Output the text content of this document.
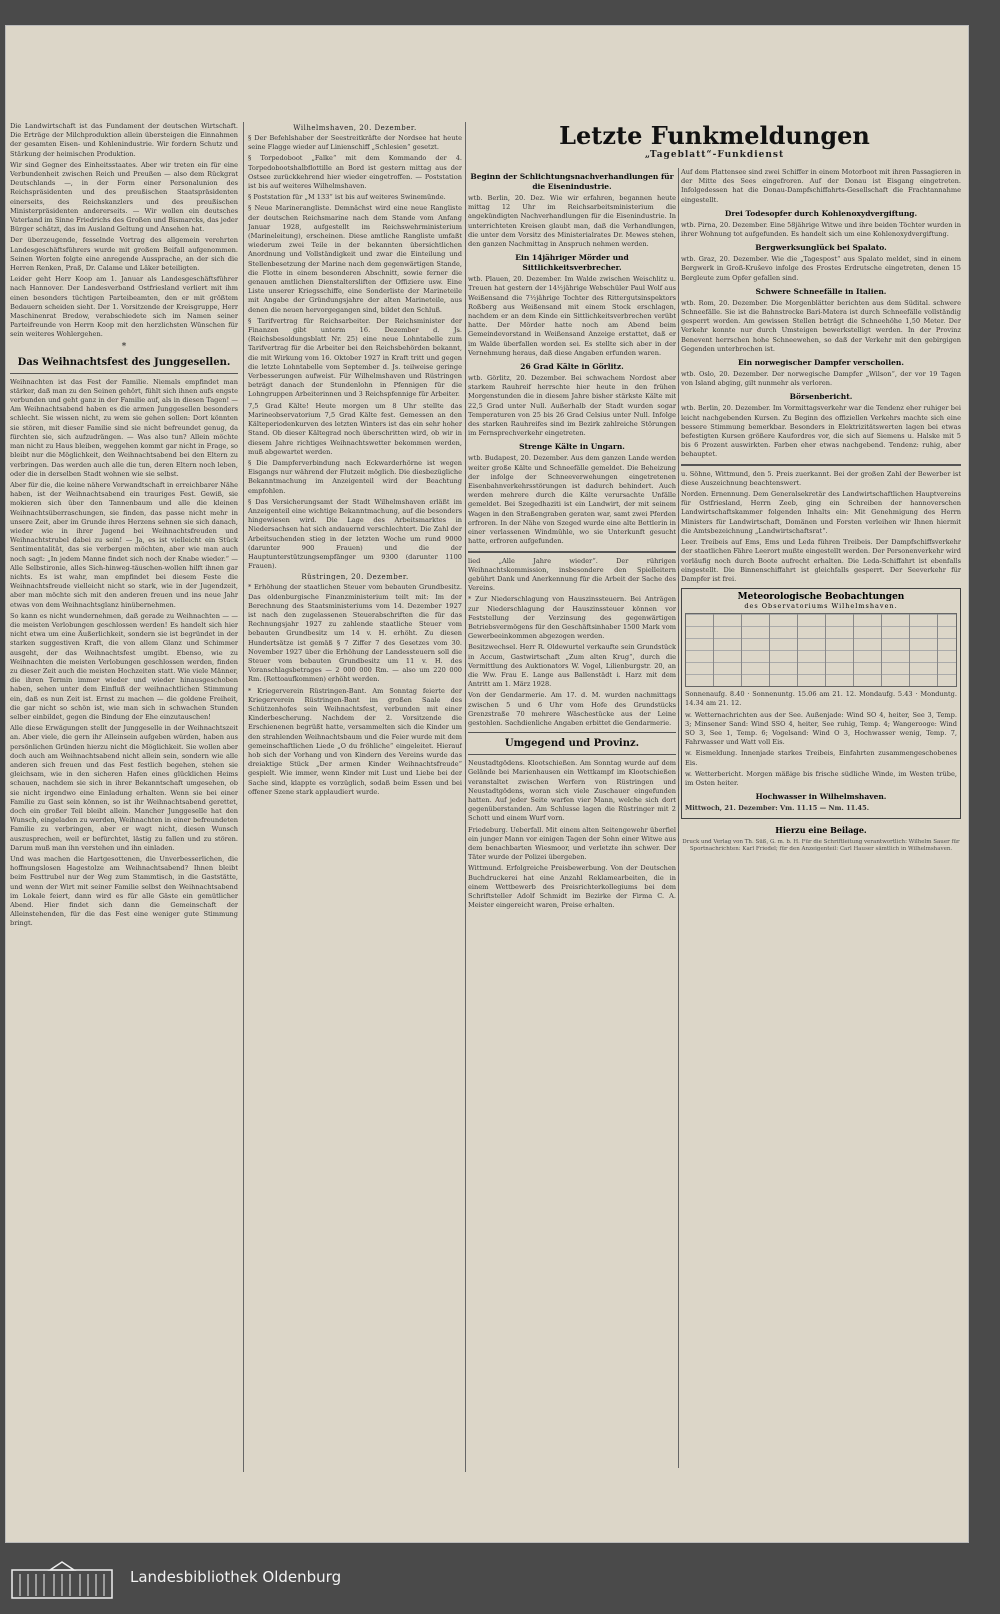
Die Landwirtschaft ist das Fundament der deutschen Wirtschaft. Die Erträge der Milchproduktion allein übersteigen die Einnahmen der gesamten Eisen- und Kohlenindustrie. Wir fordern Schutz und Stärkung der heimischen Produktion.

Wir sind Gegner des Einheitsstaates. Aber wir treten ein für eine Verbundenheit zwischen Reich und Preußen — also dem Rückgrat Deutschlands —, in der Form einer Personalunion des Reichspräsidenten und des preußischen Staatspräsidenten einerseits, des Reichskanzlers und des preußischen Ministerpräsidenten andererseits. — Wir wollen ein deutsches Vaterland im Sinne Friedrichs des Großen und Bismarcks, das jeder Bürger schätzt, das im Ausland Geltung und Ansehen hat.

Der überzeugende, fesselnde Vortrag des allgemein verehrten Landesgeschäftsführers wurde mit großem Beifall aufgenommen. Seinen Worten folgte eine anregende Aussprache, an der sich die Herren Renken, Praß, Dr. Calame und Läker beteiligten.

Leider geht Herr Koop am 1. Januar als Landesgeschäftsführer nach Hannover. Der Landesverband Ostfriesland verliert mit ihm einen besonders tüchtigen Parteibeamten, den er mit größtem Bedauern scheiden sieht. Der 1. Vorsitzende der Kreisgruppe, Herr Maschinenrat Bredow, verabschiedete sich im Namen seiner Parteifreunde von Herrn Koop mit den herzlichsten Wünschen für sein weiteres Wohlergehen.

*
Das Weihnachtsfest des Junggesellen.

Weihnachten ist das Fest der Familie. Niemals empfindet man stärker, daß man zu den Seinen gehört, fühlt sich ihnen aufs engste verbunden und geht ganz in der Familie auf, als in diesen Tagen! — Am Weihnachtsabend haben es die armen Junggesellen besonders schlecht. Sie wissen nicht, zu wem sie gehen sollen: Dort könnten sie stören, mit dieser Familie sind sie nicht befreundet genug, da fürchten sie, sich aufzudrängen. — Was also tun? Allein möchte man nicht zu Haus bleiben, weggehen kommt gar nicht in Frage, so bleibt nur die Möglichkeit, den Weihnachtsabend bei den Eltern zu verbringen. Das werden auch alle die tun, deren Eltern noch leben, oder die in derselben Stadt wohnen wie sie selbst.

Aber für die, die keine nähere Verwandtschaft in erreichbarer Nähe haben, ist der Weihnachtsabend ein trauriges Fest. Gewiß, sie mokieren sich über den Tannenbaum und alle die kleinen Weihnachtsüberraschungen, sie finden, das passe nicht mehr in unsere Zeit, aber im Grunde ihres Herzens sehnen sie sich danach, wieder wie in ihrer Jugend bei Weihnachtsfreuden und Weihnachtstrubel dabei zu sein! — Ja, es ist vielleicht ein Stück Sentimentalität, das sie verbergen möchten, aber wie man auch noch sagt: „In jedem Manne findet sich noch der Knabe wieder.“ — Alle Selbstironie, alles Sich-hinweg-täuschen-wollen hilft ihnen gar nichts. Es ist wahr, man empfindet bei diesem Feste die Weihnachtsfreude vielleicht nicht so stark, wie in der Jugendzeit, aber man möchte sich mit den anderen freuen und ins neue Jahr etwas von dem Weihnachtsglanz hinübernehmen.

So kann es nicht wundernehmen, daß gerade zu Weihnachten — — die meisten Verlobungen geschlossen werden! Es handelt sich hier nicht etwa um eine Äußerlichkeit, sondern sie ist begründet in der starken suggestiven Kraft, die von allem Glanz und Schimmer ausgeht, der das Weihnachtsfest umgibt. Ebenso, wie zu Weihnachten die meisten Verlobungen geschlossen werden, finden zu dieser Zeit auch die meisten Hochzeiten statt. Wie viele Männer, die ihren Termin immer wieder und wieder hinausgeschoben haben, sehen unter dem Einfluß der weihnachtlichen Stimmung ein, daß es nun Zeit ist. Ernst zu machen — die goldene Freiheit, die gar nicht so schön ist, wie man sich in schwachen Stunden selber einbildet, gegen die Bindung der Ehe einzutauschen!

Alle diese Erwägungen stellt der Junggeselle in der Weihnachtszeit an. Aber viele, die gern ihr Alleinsein aufgeben würden, haben aus persönlichen Gründen hierzu nicht die Möglichkeit. Sie wollen aber doch auch am Weihnachtsabend nicht allein sein, sondern wie alle anderen sich freuen und das Fest festlich begehen, stehen sie gleichsam, wie in den sicheren Hafen eines glücklichen Heims schauen, nachdem sie sich in ihrer Bekanntschaft umgesehen, ob sie nicht irgendwo eine Einladung erhalten. Wenn sie bei einer Familie zu Gast sein können, so ist ihr Weihnachtsabend gerettet, doch ein großer Teil bleibt allein. Mancher Junggeselle hat den Wunsch, eingeladen zu werden, Weihnachten in einer befreundeten Familie zu verbringen, aber er wagt nicht, diesen Wunsch auszusprechen, weil er befürchtet, lästig zu fallen und zu stören. Darum muß man ihn verstehen und ihn einladen.

Und was machen die Hartgesottenen, die Unverbesserlichen, die hoffnungslosen Hagestolze am Weihnachtsabend? Ihnen bleibt beim Festtrubel nur der Weg zum Stammtisch, in die Gaststätte, und wenn der Wirt mit seiner Familie selbst den Weihnachtsabend im Lokale feiert, dann wird es für alle Gäste ein gemütlicher Abend. Hier findet sich dann die Gemeinschaft der Alleinstehenden, für die das Fest eine weniger gute Stimmung bringt.

Wilhelmshaven, 20. Dezember.

§ Der Befehlshaber der Seestreitkräfte der Nordsee hat heute seine Flagge wieder auf Linienschiff „Schlesien“ gesetzt.

§ Torpedoboot „Falke“ mit dem Kommando der 4. Torpedobootshalbflottille an Bord ist gestern mittag aus der Ostsee zurückkehrend hier wieder eingetroffen. — Poststation ist bis auf weiteres Wilhelmshaven.

§ Poststation für „M 133“ ist bis auf weiteres Swinemünde.

§ Neue Marinerangliste. Demnächst wird eine neue Rangliste der deutschen Reichsmarine nach dem Stande vom Anfang Januar 1928, aufgestellt im Reichswehrministerium (Marineleitung), erscheinen. Diese amtliche Rangliste umfaßt wiederum zwei Teile in der bekannten übersichtlichen Anordnung und Vollständigkeit und zwar die Einteilung und Stellenbesetzung der Marine nach dem gegenwärtigen Stande, die Flotte in einem besonderen Abschnitt, sowie ferner die genauen amtlichen Dienstaltersliften der Offiziere usw. Eine Liste unserer Kriegsschiffe, eine Sonderliste der Marineteile mit Angabe der Gründungsjahre der alten Marineteile, aus denen die neuen hervorgegangen sind, bildet den Schluß.

§ Tarifvertrag für Reichsarbeiter. Der Reichsminister der Finanzen gibt unterm 16. Dezember d. Js. (Reichsbesoldungsblatt Nr. 25) eine neue Lohntabelle zum Tarifvertrag für die Arbeiter bei den Reichsbehörden bekannt, die mit Wirkung vom 16. Oktober 1927 in Kraft tritt und gegen die letzte Lohntabelle vom September d. Js. teilweise geringe Verbesserungen aufweist. Für Wilhelmshaven und Rüstringen beträgt danach der Stundenlohn in Pfennigen für die Lohngruppen Arbeiterinnen und 3 Reichspfennige für Arbeiter.

7,5 Grad Kälte! Heute morgen um 8 Uhr stellte das Marineobservatorium 7,5 Grad Kälte fest. Gemessen an den Kälteperiodenkurven des letzten Winters ist das ein sehr hoher Stand. Ob dieser Kältegrad noch überschritten wird, ob wir in diesem Jahre richtiges Weihnachtswetter bekommen werden, muß abgewartet werden.

§ Die Dampferverbindung nach Eckwarderhörne ist wegen Eisgangs nur während der Flutzeit möglich. Die diesbezügliche Bekanntmachung im Anzeigenteil wird der Beachtung empfohlen.

§ Das Versicherungsamt der Stadt Wilhelmshaven erläßt im Anzeigenteil eine wichtige Bekanntmachung, auf die besonders hingewiesen wird. Die Lage des Arbeitsmarktes in Niedersachsen hat sich andauernd verschlechtert. Die Zahl der Arbeitsuchenden stieg in der letzten Woche um rund 9000 (darunter 900 Frauen) und die der Hauptunterstützungsempfänger um 9300 (darunter 1100 Frauen).

Rüstringen, 20. Dezember.

* Erhöhung der staatlichen Steuer vom bebauten Grundbesitz. Das oldenburgische Finanzministerium teilt mit: Im der Berechnung des Staatsministeriums vom 14. Dezember 1927 ist nach den zugelassenen Steuerabschriften die für das Rechnungsjahr 1927 zu zahlende staatliche Steuer vom bebauten Grundbesitz um 14 v. H. erhöht. Zu diesen Hundertsätze ist gemäß § 7 Ziffer 7 des Gesetzes vom 30. November 1927 über die Erhöhung der Landessteuern soll die Steuer vom bebauten Grundbesitz um 11 v. H. des Voranschlagsbetrages — 2 000 000 Rm. — also um 220 000 Rm. (Rettoaufkommen) erhöht werden.

* Kriegerverein Rüstringen-Bant. Am Sonntag feierte der Kriegerverein Rüstringen-Bant im großen Saale des Schützenhofes sein Weihnachtsfest, verbunden mit einer Kinderbescherung. Nachdem der 2. Vorsitzende die Erschienenen begrüßt hatte, versammelten sich die Kinder um den strahlenden Weihnachtsbaum und die Feier wurde mit dem gemeinschaftlichen Liede „O du fröhliche“ eingeleitet. Hierauf hob sich der Vorhang und von Kindern des Vereins wurde das dreiaktige Stück „Der armen Kinder Weihnachtsfreude“ gespielt. Wie immer, wenn Kinder mit Lust und Liebe bei der Sache sind, klappte es vorzüglich, sodaß beim Essen und bei offener Szene stark applaudiert wurde.

Letzte Funkmeldungen
„Tageblatt“-Funkdienst
Beginn der Schlichtungsnachverhandlungen für die Eisenindustrie.

wtb. Berlin, 20. Dez. Wie wir erfahren, begannen heute mittag 12 Uhr im Reichsarbeitsministerium die angekündigten Nachverhandlungen für die Eisenindustrie. In unterrichteten Kreisen glaubt man, daß die Verhandlungen, die unter dem Vorsitz des Ministerialrates Dr. Mewes stehen, den ganzen Nachmittag in Anspruch nehmen werden.

Ein 14jähriger Mörder und Sittlichkeitsverbrecher.

wtb. Plauen, 20. Dezember. Im Walde zwischen Weischlitz u. Treuen hat gestern der 14½jährige Webschüler Paul Wolf aus Weißensand die 7½jährige Tochter des Rittergutsinspektors Roßberg aus Weißensand mit einem Stock erschlagen, nachdem er an dem Kinde ein Sittlichkeitsverbrechen verübt hatte. Der Mörder hatte noch am Abend beim Gemeindevorstand in Weißensand Anzeige erstattet, daß er im Walde überfallen worden sei. Es stellte sich aber in der Vernehmung heraus, daß diese Angaben erfunden waren.

26 Grad Kälte in Görlitz.

wtb. Görlitz, 20. Dezember. Bei schwachem Nordost aber starkem Rauhreif herrschte hier heute in den frühen Morgenstunden die in diesem Jahre bisher stärkste Kälte mit 22,5 Grad unter Null. Außerhalb der Stadt wurden sogar Temperaturen von 25 bis 26 Grad Celsius unter Null. Infolge des starken Rauhreifes sind im Bezirk zahlreiche Störungen im Fernsprechverkehr eingetreten.

Strenge Kälte in Ungarn.

wtb. Budapest, 20. Dezember. Aus dem ganzen Lande werden weiter große Kälte und Schneefälle gemeldet. Die Beheizung der infolge der Schneeverwehungen eingetretenen Eisenbahnverkehrsstörungen ist dadurch behindert. Auch werden mehrere durch die Kälte verursachte Unfälle gemeldet. Bei Szegedhaziti ist ein Landwirt, der mit seinem Wagen in den Straßengraben geraten war, samt zwei Pferden erfroren. In der Nähe von Szeged wurde eine alte Bettlerin in einer verlassenen Windmühle, wo sie Unterkunft gesucht hatte, erfroren aufgefunden.

lied „Alle Jahre wieder“. Der rührigen Weihnachtskommission, insbesondere den Spielleitern gebührt Dank und Anerkennung für die Arbeit der Sache des Vereins.

* Zur Niederschlagung von Hauszinssteuern. Bei Anträgen zur Niederschlagung der Hauszinssteuer können vor Feststellung der Verzinsung des gegenwärtigen Betriebsvermögens für den Geschäftsinhaber 1500 Mark vom Gewerbeeinkommen abgezogen werden.

Besitzwechsel. Herr R. Oldewurtel verkaufte sein Grundstück in Accum, Gastwirtschaft „Zum alten Krug“, durch die Vermittlung des Auktionators W. Vogel, Lilienburgstr. 20, an die Ww. Frau E. Lange aus Ballenstädt i. Harz mit dem Antritt am 1. März 1928.

Von der Gendarmerie. Am 17. d. M. wurden nachmittags zwischen 5 und 6 Uhr vom Hofe des Grundstücks Grenzstraße 70 mehrere Wäschestücke aus der Leine gestohlen. Sachdienliche Angaben erbittet die Gendarmerie.

Umgegend und Provinz.

Neustadtgödens. Klootschießen. Am Sonntag wurde auf dem Gelände bei Marienhausen ein Wettkampf im Klootschießen veranstaltet zwischen Werfern von Rüstringen und Neustadtgödens, woran sich viele Zuschauer eingefunden hatten. Auf jeder Seite warfen vier Mann, welche sich dort gegenüberstanden. Am Schlusse lagen die Rüstringer mit 2 Schott und einem Wurf vorn.

Friedeburg. Ueberfall. Mit einem alten Seitengewehr überfiel ein junger Mann vor einigen Tagen der Sohn einer Witwe aus dem benachbarten Wiesmoor, und verletzte ihn schwer. Der Täter wurde der Polizei übergeben.

Wittmund. Erfolgreiche Preisbewerbung. Von der Deutschen Buchdruckerei hat eine Anzahl Reklamearbeiten, die in einem Wettbewerb des Preisrichterkollegiums bei dem Schriftsteller Adolf Schmidt im Bezirke der Firma C. A. Meister eingereicht waren, Preise erhalten.

Auf dem Plattensee sind zwei Schiffer in einem Motorboot mit ihren Passagieren in der Mitte des Sees eingefroren. Auf der Donau ist Eisgang eingetreten. Infolgedessen hat die Donau-Dampfschiffahrts-Gesellschaft die Frachtannahme eingestellt.

Drei Todesopfer durch Kohlenoxydvergiftung.

wtb. Pirna, 20. Dezember. Eine 58jährige Witwe und ihre beiden Töchter wurden in ihrer Wohnung tot aufgefunden. Es handelt sich um eine Kohlenoxydvergiftung.

Bergwerksunglück bei Spalato.

wtb. Graz, 20. Dezember. Wie die „Tagespost“ aus Spalato meldet, sind in einem Bergwerk in Groß-Kruševo infolge des Frostes Erdrutsche eingetreten, denen 15 Bergleute zum Opfer gefallen sind.

Schwere Schneefälle in Italien.

wtb. Rom, 20. Dezember. Die Morgenblätter berichten aus dem Südital. schwere Schneefälle. Sie ist die Bahnstrecke Bari-Matera ist durch Schneefälle vollständig gesperrt worden. Am gewissen Stellen beträgt die Schneehöhe 1,50 Meter. Der Verkehr konnte nur durch Umsteigen bewerkstelligt werden. In der Provinz Benevent herrschen hohe Schneewehen, so daß der Verkehr mit den gebirgigen Gegenden unterbrochen ist.

Ein norwegischer Dampfer verschollen.

wtb. Oslo, 20. Dezember. Der norwegische Dampfer „Wilson“, der vor 19 Tagen von Island abging, gilt nunmehr als verloren.

Börsenbericht.

wtb. Berlin, 20. Dezember. Im Vormittagsverkehr war die Tendenz eher ruhiger bei leicht nachgebenden Kursen. Zu Beginn des offiziellen Verkehrs machte sich eine bessere Stimmung bemerkbar. Besonders in Elektrizitätswerten lagen bei etwas befestigten Kursen größere Kaufordres vor, die sich auf Siemens u. Halske mit 5 bis 6 Prozent auswirkten. Farben eher etwas nachgebend. Tendenz: ruhig, aber behauptet.

u. Söhne, Wittmund, den 5. Preis zuerkannt. Bei der großen Zahl der Bewerber ist diese Auszeichnung beachtenswert.

Norden. Ernennung. Dem Generalsekretär des Landwirtschaftlichen Hauptvereins für Ostfriesland, Herrn Zeeb, ging ein Schreiben der hannoverschen Landwirtschaftskammer folgenden Inhalts ein: Mit Genehmigung des Herrn Ministers für Landwirtschaft, Domänen und Forsten verleihen wir Ihnen hiermit die Amtsbezeichnung „Landwirtschaftsrat“.

Leer. Treibeis auf Ems, Ems und Leda führen Treibeis. Der Dampfschiffsverkehr der staatlichen Fähre Leerort mußte eingestellt werden. Der Personenverkehr wird vorläufig noch durch Boote aufrecht erhalten. Die Leda-Schiffahrt ist ebenfalls eingestellt. Die Binnenschiffahrt ist gleichfalls gesperrt. Der Seeverkehr für Dampfer ist frei.

Meteorologische Beobachtungen
des Observatoriums Wilhelmshaven.

Sonnenaufg. 8.40 · Sonnenuntg. 15.06 am 21. 12. Mondaufg. 5.43 · Monduntg. 14.34 am 21. 12.

w. Wetternachrichten aus der See. Außenjade: Wind SO 4, heiter, See 3, Temp. 3; Minsener Sand: Wind SSO 4, heiter, See ruhig, Temp. 4; Wangerooge: Wind SO 3, See 1, Temp. 6; Vogelsand: Wind O 3, Hochwasser wenig, Temp. 7, Fahrwasser und Watt voll Eis.

w. Eismeldung. Innenjade starkes Treibeis, Einfahrten zusammengeschobenes Eis.

w. Wetterbericht. Morgen mäßige bis frische südliche Winde, im Westen trübe, im Osten heiter.

Hochwasser in Wilhelmshaven.

Mittwoch, 21. Dezember: Vm. 11.15 — Nm. 11.45.

Hierzu eine Beilage.
Druck und Verlag von Th. Süß, G. m. b. H. Für die Schriftleitung verantwortlich: Wilhelm Sauer für Sportnachrichten: Karl Friedel; für den Anzeigenteil: Carl Hauser sämtlich in Wilhelmshaven.
Landesbibliothek Oldenburg
